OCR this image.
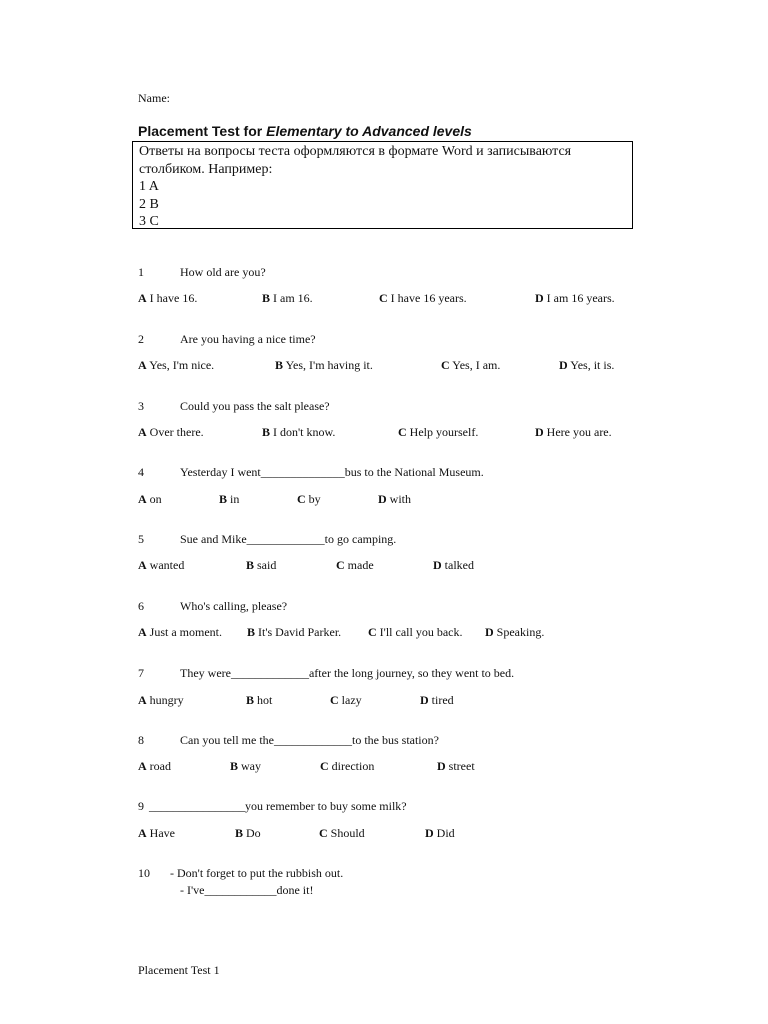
Name:
Placement Test for Elementary to Advanced levels
Ответы на вопросы теста оформляются в формате Word и записываются
столбиком. Например:
1 A
2 B
3 C
1	How old are you?
A I have 16.	B I am 16.	C I have 16 years.	D I am 16 years.
2	Are you having a nice time?
A Yes, I'm nice.	B Yes, I'm having it.	C Yes, I am.	D Yes, it is.
3	Could you pass the salt please?
A Over there.	B I don't know.	C Help yourself.	D Here you are.
4	Yesterday I went______________bus to the National Museum.
A on	B in	C by	D with
5	Sue and Mike_____________to go camping.
A wanted	B said	C made	D talked
6	Who's calling, please?
A Just a moment. B It's David Parker. C I'll call you back. D Speaking.
7	They were_____________after the long journey, so they went to bed.
A hungry	B hot	C lazy	D tired
8	Can you tell me the_____________to the bus station?
A road	B way	C direction	D street
9 ________________you remember to buy some milk?
A Have	B Do	C Should	D Did
10 - Don't forget to put the rubbish out.
- I've____________done it!
Placement Test 1
